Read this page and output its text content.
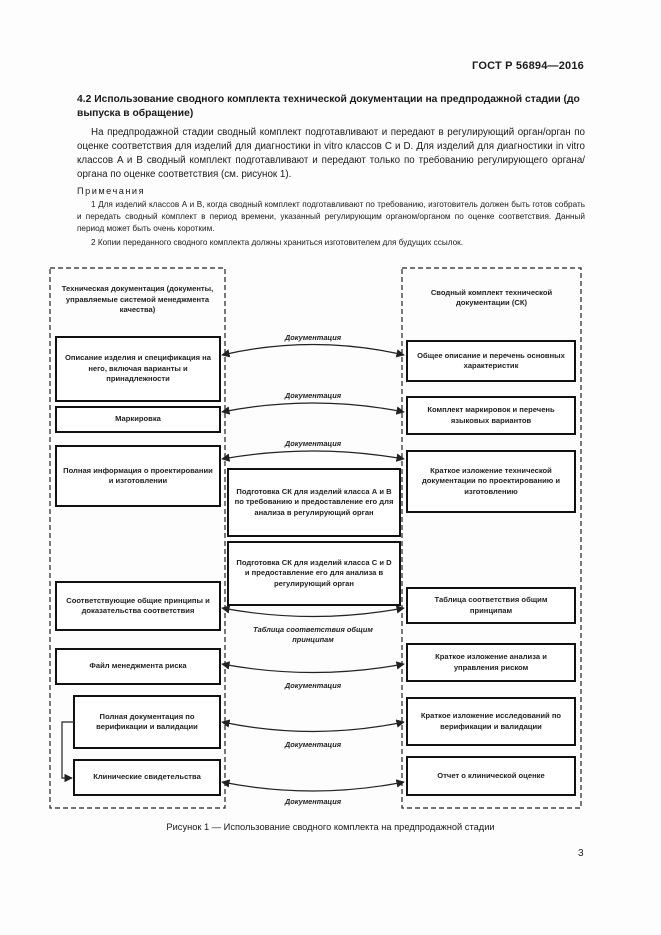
ГОСТ Р 56894—2016
4.2 Использование сводного комплекта технической документации на предпродажной стадии (до выпуска в обращение)

На предпродажной стадии сводный комплект подготавливают и передают в регулирующий орган/орган по оценке соответствия для изделий для диагностики in vitro классов C и D. Для изделий для диагностики in vitro классов A и B сводный комплект подготавливают и передают только по требованию регулирующего органа/органа по оценке соответствия (см. рисунок 1).

Примечания
1 Для изделий классов А и В, когда сводный комплект подготавливают по требованию, изготовитель должен быть готов собрать и передать сводный комплект в период времени, указанный регулирующим органом/органом по оценке соответствия. Данный период может быть очень коротким.
2 Копии переданного сводного комплекта должны храниться изготовителем для будущих ссылок.
Техническая документация (документы, управляемые системой менеджмента качества)
Сводный комплект технической документации (СК)
Описание изделия и спецификация на него, включая варианты и принадлежности
Маркировка
Полная информация о проектировании и изготовлении
Соответствующие общие принципы и доказательства соответствия
Файл менеджмента риска
Полная документация по верификации и валидации
Клинические свидетельства
Подготовка СК для изделий класса А и В по требованию и предоставление его для анализа в регулирующий орган
Подготовка СК для изделий класса С и D и предоставление его для анализа в регулирующий орган
Общее описание и перечень основных характеристик
Комплект маркировок и перечень языковых вариантов
Краткое изложение технической документации по проектированию и изготовлению
Таблица соответствия общим принципам
Краткое изложение анализа и управления риском
Краткое изложение исследований по верификации и валидации
Отчет о клинической оценке
Документация
Документация
Документация
Таблица соответствия общим принципам
Документация
Документация
Документация
Рисунок 1 — Использование сводного комплекта на предпродажной стадии
3
